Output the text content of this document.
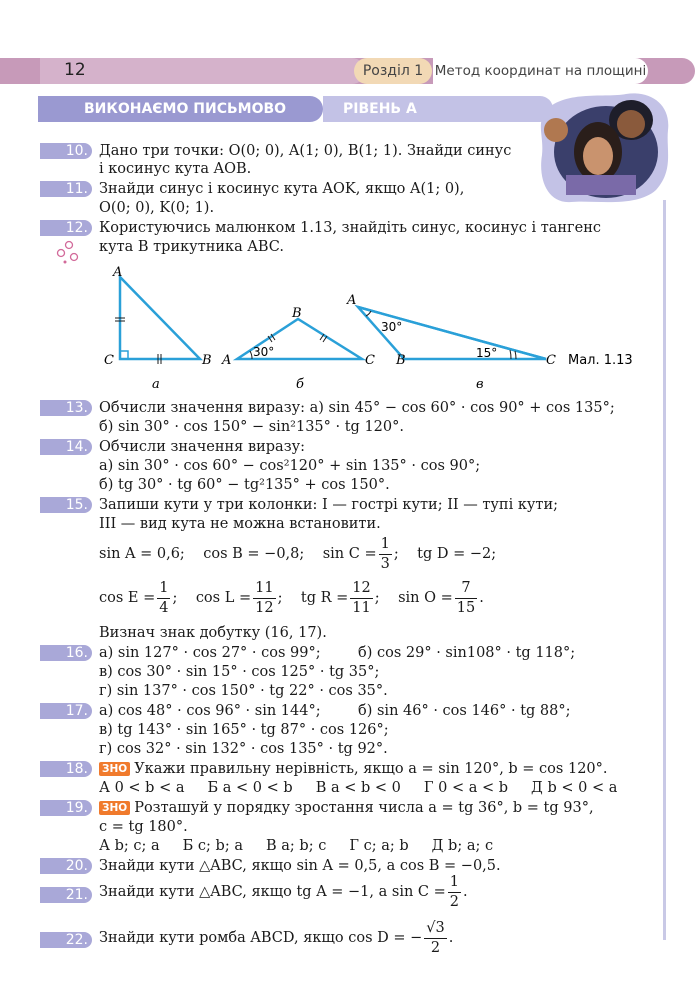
12	Розділ 1 Метод координат на площині
РІВЕНЬ А
ВИКОНАЄМО ПИСЬМОВО
10. Дано три точки: O(0; 0), A(1; 0), B(1; 1). Знайди синус
і косинус кута AOB.
11. Знайди синус і косинус кута AOK, якщо A(1; 0),
O(0; 0), K(0; 1).
12. Користуючись малюнком 1.13, знайдіть синус, косинус і тангенс
кута B трикутника ABC.
A
C	B
а
B
A	C
30°
б
A
B	C
30°
15°
в
Мал. 1.13
13. Обчисли значення виразу: а) sin 45° − cos 60° · cos 90° + cos 135°;
б) sin 30° · cos 150° − sin²135° · tg 120°.
14. Обчисли значення виразу:
а) sin 30° · cos 60° − cos²120° + sin 135° · cos 90°;
б) tg 30° · tg 60° − tg²135° + cos 150°.
15. Запиши кути у три колонки: I — гострі кути; II — тупі кути;
III — вид кута не можна встановити.
sin A = 0,6; cos B = −0,8; $\sin C = \frac{1}{3}$ ; tg D = −2;
$\cos E = \frac{1}{4}$ ; $\cos L = \frac{11}{12}$ ; tg $R = \frac{12}{11}$ ; $\sin O = \frac{7}{15}$ .
Визнач знак добутку (16, 17).
16. а) sin 127° · cos 27° · cos 99°;	б) cos 29° · sin108° · tg 118°;
в) cos 30° · sin 15° · cos 125° · tg 35°;
г) sin 137° · cos 150° · tg 22° · cos 35°.
17. а) cos 48° · cos 96° · sin 144°;	б) sin 46° · cos 146° · tg 88°;
в) tg 143° · sin 165° · tg 87° · cos 126°;
г) cos 32° · sin 132° · cos 135° · tg 92°.
18.	ЗНО Укажи правильну нерівність, якщо a = sin 120°, b = cos 120°.
А 0 < b < a     Б a < 0 < b     В a < b < 0     Г 0 < a < b     Д b < 0 < a
19.	ЗНО Розташуй у порядку зростання числа a = tg 36°, b = tg 93°,
c = tg 180°.
А b; c; a     Б c; b; a     В a; b; c     Г c; a; b     Д b; a; c
20. Знайди кути △ABC, якщо sin A = 0,5, а cos B = −0,5.
21. Знайди кути △ABC, якщо tg A = −1, а $\sin C = \frac{1}{2}$ .
22. Знайди кути ромба ABCD, якщо cos D = − $\frac{√3}{2}$ .
